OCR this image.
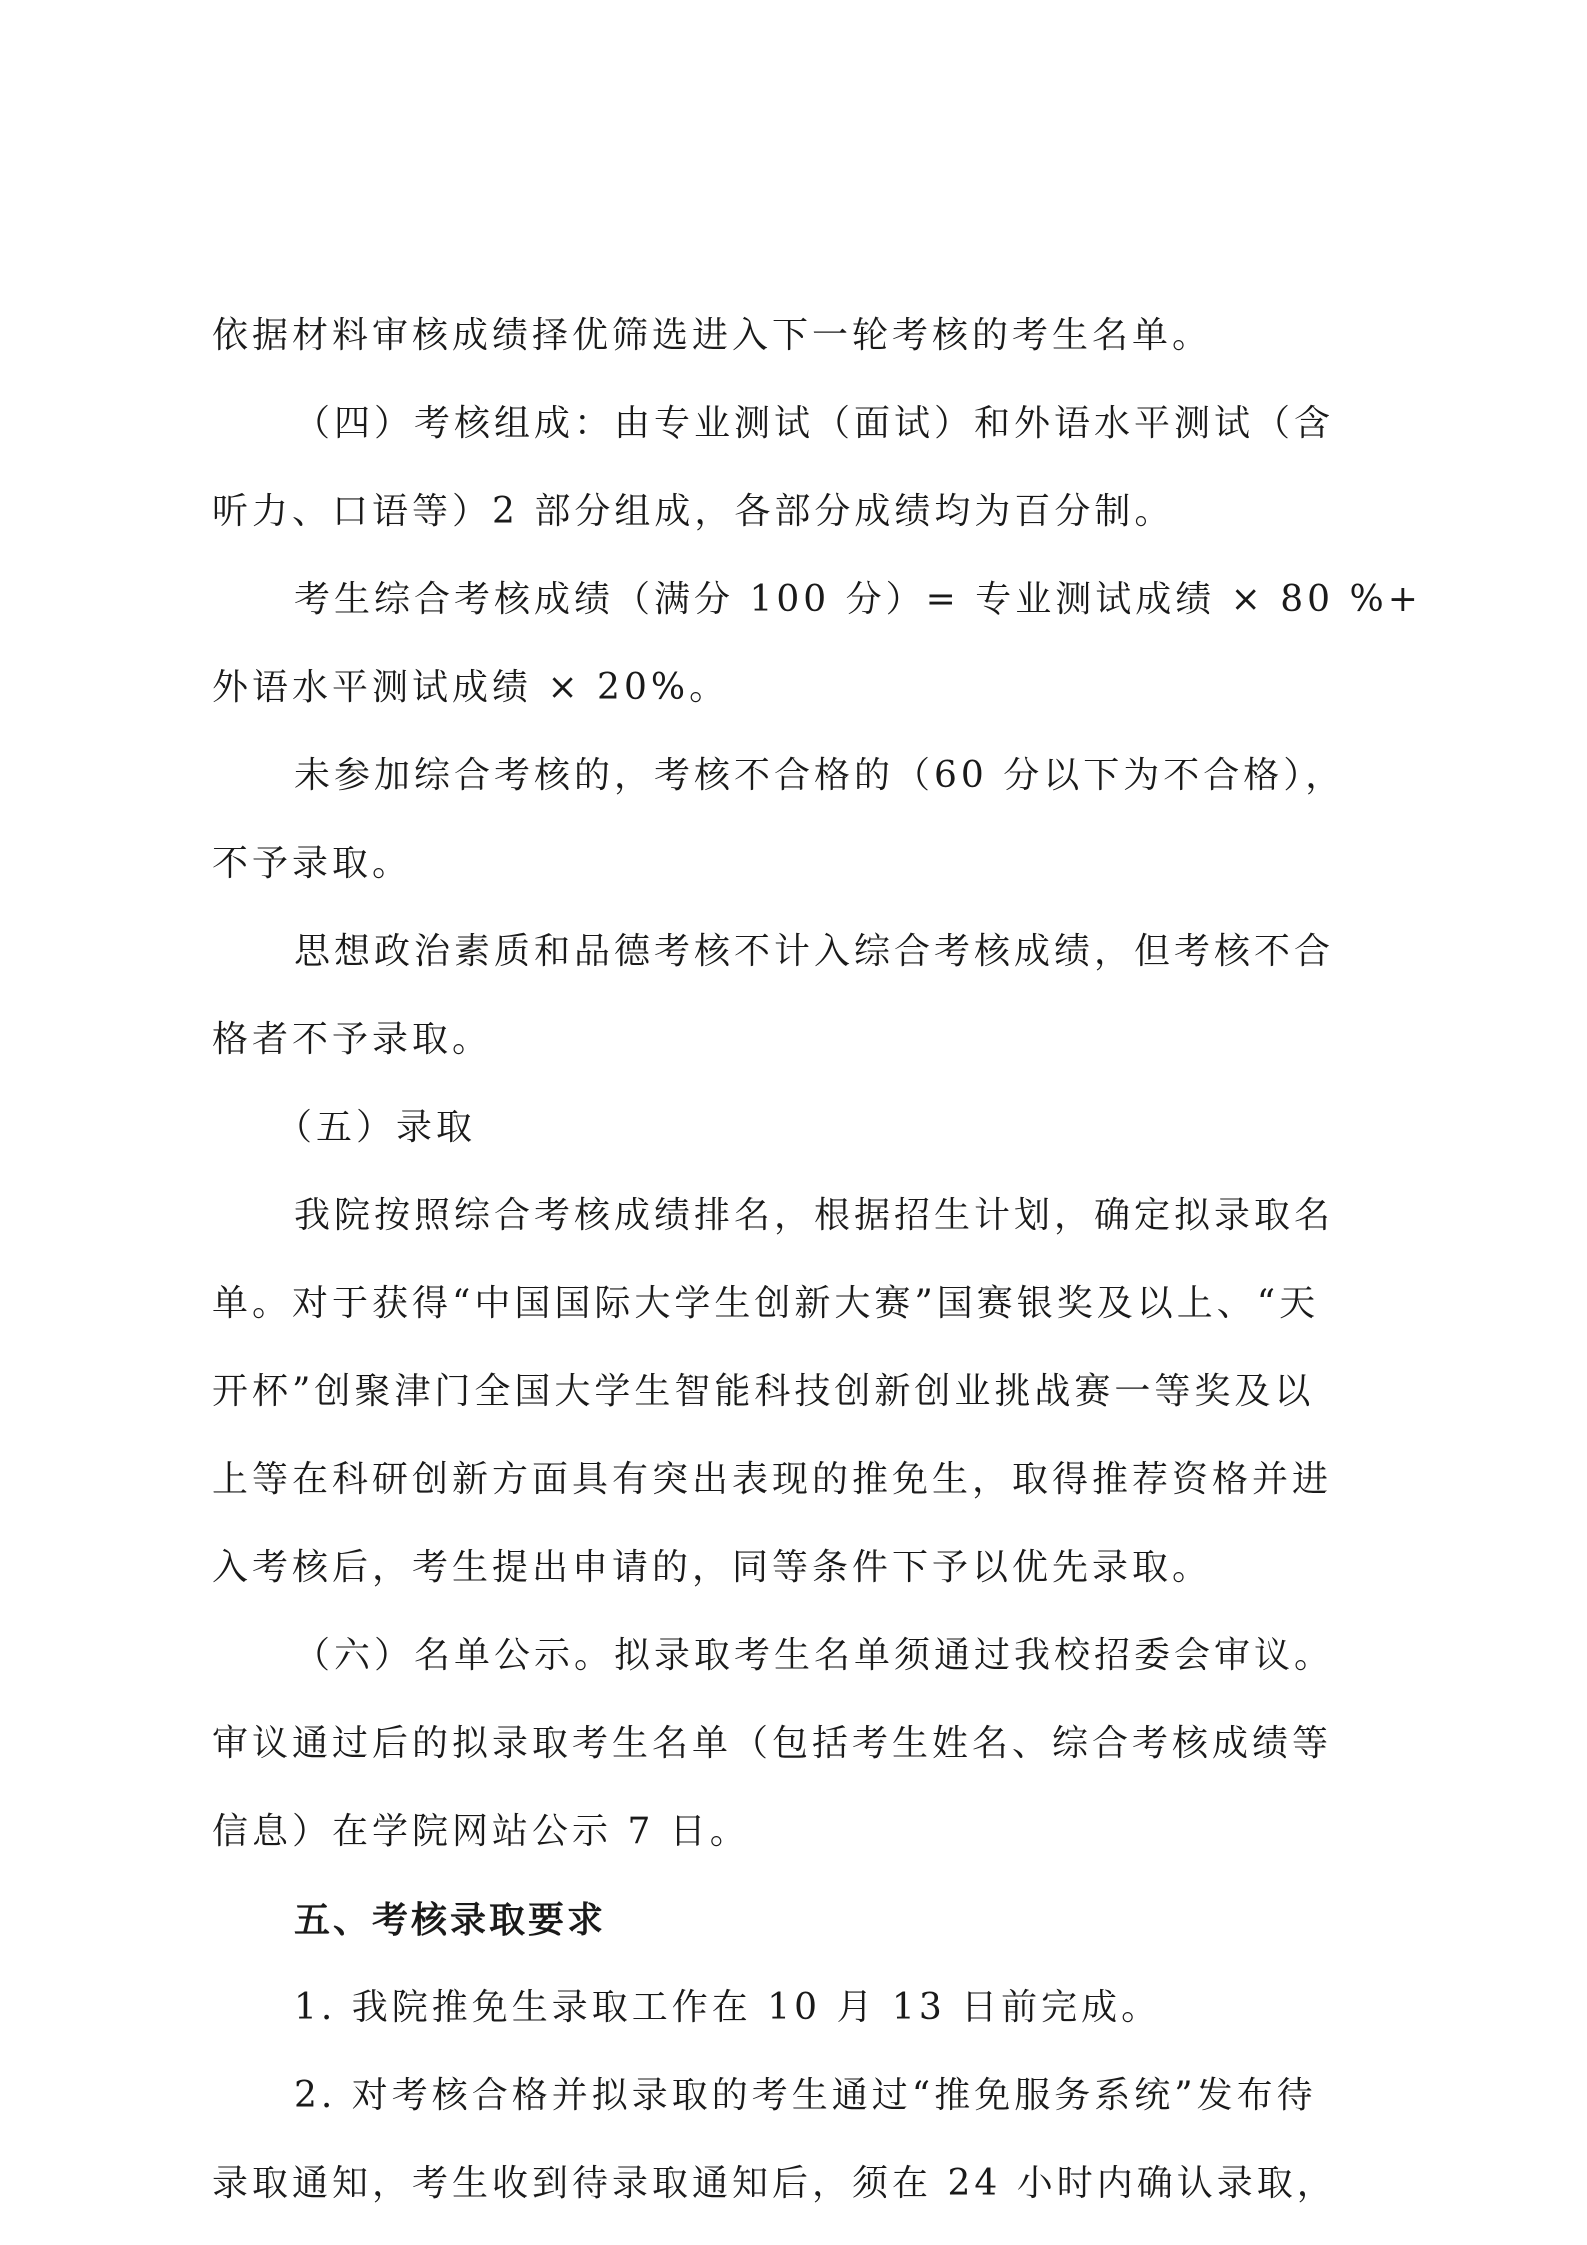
依据材料审核成绩择优筛选进入下一轮考核的考生名单。
（四）考核组成：由专业测试（面试）和外语水平测试（含
听力、口语等）2 部分组成，各部分成绩均为百分制。
考生综合考核成绩（满分 100 分）= 专业测试成绩 × 80 %+
外语水平测试成绩 × 20%。
未参加综合考核的，考核不合格的（60 分以下为不合格），
不予录取。
思想政治素质和品德考核不计入综合考核成绩，但考核不合
格者不予录取。
（五）录取
我院按照综合考核成绩排名，根据招生计划，确定拟录取名
单。对于获得“中国国际大学生创新大赛”国赛银奖及以上、“天
开杯”创聚津门全国大学生智能科技创新创业挑战赛一等奖及以
上等在科研创新方面具有突出表现的推免生，取得推荐资格并进
入考核后，考生提出申请的，同等条件下予以优先录取。
（六）名单公示。拟录取考生名单须通过我校招委会审议。
审议通过后的拟录取考生名单（包括考生姓名、综合考核成绩等
信息）在学院网站公示 7 日。
五、考核录取要求
1. 我院推免生录取工作在 10 月 13 日前完成。
2. 对考核合格并拟录取的考生通过“推免服务系统”发布待
录取通知，考生收到待录取通知后，须在 24 小时内确认录取，
